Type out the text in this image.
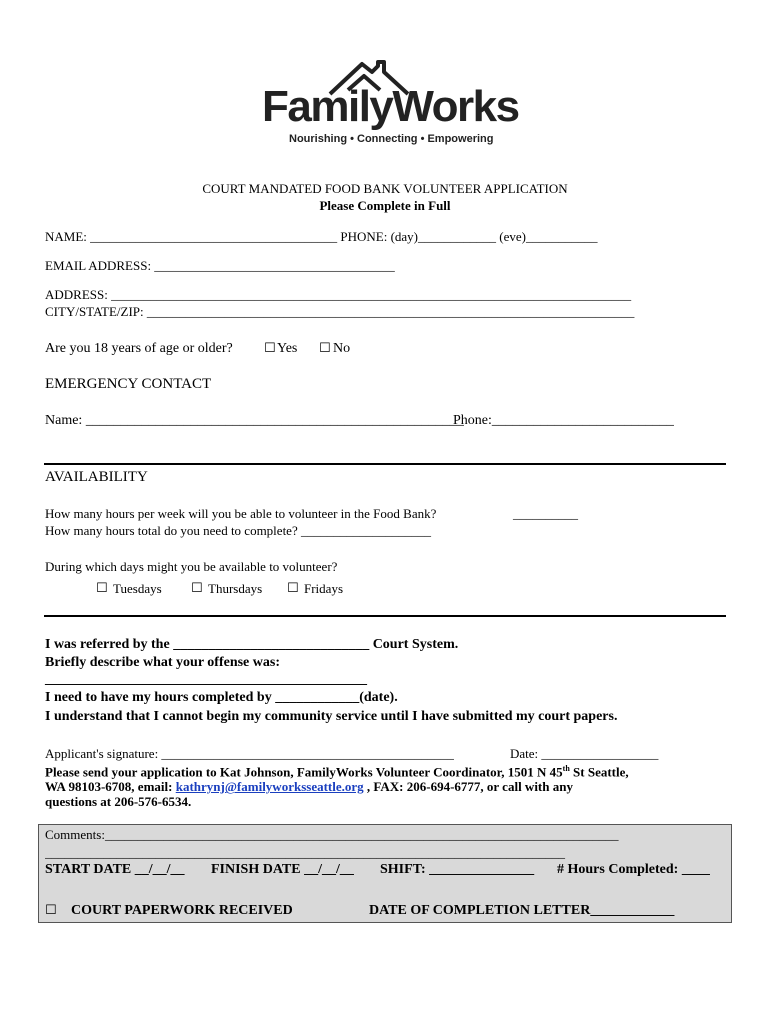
FamilyWorks
Nourishing • Connecting • Empowering
COURT MANDATED FOOD BANK VOLUNTEER APPLICATION
Please Complete in Full
NAME: ______________________________________ PHONE: (day)____________ (eve)___________
EMAIL ADDRESS: _____________________________________
ADDRESS: ________________________________________________________________________________
CITY/STATE/ZIP: ___________________________________________________________________________
Are you 18 years of age or older? ☐ Yes ☐ No
EMERGENCY CONTACT
Name: ______________________________________________________
Phone:__________________________
AVAILABILITY
How many hours per week will you be able to volunteer in the Food Bank?	__________
How many hours total do you need to complete? ____________________
During which days might you be available to volunteer?
☐ Tuesdays ☐ Thursdays ☐ Fridays
I was referred by the ____________________________ Court System.
Briefly describe what your offense was:
______________________________________________
I need to have my hours completed by ____________(date).
I understand that I cannot begin my community service until I have submitted my court papers.
Applicant's signature: _____________________________________________	Date: __________________
Please send your application to Kat Johnson, FamilyWorks Volunteer Coordinator, 1501 N 45th St Seattle,
WA 98103-6708, email: kathrynj@familyworksseattle.org , FAX: 206-694-6777, or call with any
questions at 206-576-6534.
Comments:_______________________________________________________________________________
________________________________________________________________________________
START DATE __/__/__ FINISH DATE __/__/__ SHIFT: _______________ # Hours Completed: ____
☐ COURT PAPERWORK RECEIVED	DATE OF COMPLETION LETTER____________
